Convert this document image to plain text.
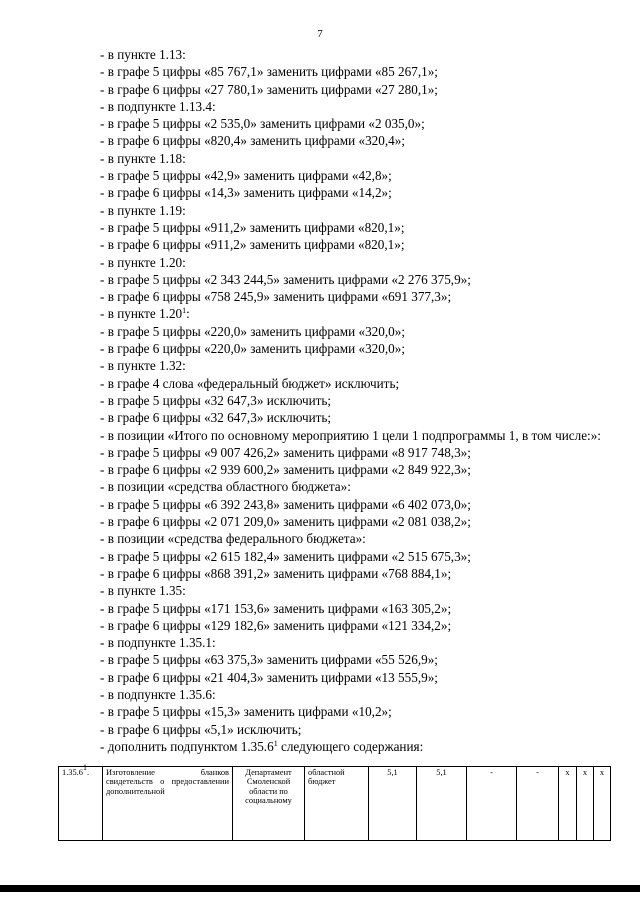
7
- в пункте 1.13:
- в графе 5 цифры «85 767,1» заменить цифрами «85 267,1»;
- в графе 6 цифры «27 780,1» заменить цифрами «27 280,1»;
- в подпункте 1.13.4:
- в графе 5 цифры «2 535,0» заменить цифрами «2 035,0»;
- в графе 6 цифры «820,4» заменить цифрами «320,4»;
- в пункте 1.18:
- в графе 5 цифры «42,9» заменить цифрами «42,8»;
- в графе 6 цифры «14,3» заменить цифрами «14,2»;
- в пункте 1.19:
- в графе 5 цифры «911,2» заменить цифрами «820,1»;
- в графе 6 цифры «911,2» заменить цифрами «820,1»;
- в пункте 1.20:
- в графе 5 цифры «2 343 244,5» заменить цифрами «2 276 375,9»;
- в графе 6 цифры «758 245,9» заменить цифрами «691 377,3»;
- в пункте 1.20$^1$:
- в графе 5 цифры «220,0» заменить цифрами «320,0»;
- в графе 6 цифры «220,0» заменить цифрами «320,0»;
- в пункте 1.32:
- в графе 4 слова «федеральный бюджет» исключить;
- в графе 5 цифры «32 647,3» исключить;
- в графе 6 цифры «32 647,3» исключить;
- в позиции «Итого по основному мероприятию 1 цели 1 подпрограммы 1, в том числе:»:
- в графе 5 цифры «9 007 426,2» заменить цифрами «8 917 748,3»;
- в графе 6 цифры «2 939 600,2» заменить цифрами «2 849 922,3»;
- в позиции «средства областного бюджета»:
- в графе 5 цифры «6 392 243,8» заменить цифрами «6 402 073,0»;
- в графе 6 цифры «2 071 209,0» заменить цифрами «2 081 038,2»;
- в позиции «средства федерального бюджета»:
- в графе 5 цифры «2 615 182,4» заменить цифрами «2 515 675,3»;
- в графе 6 цифры «868 391,2» заменить цифрами «768 884,1»;
- в пункте 1.35:
- в графе 5 цифры «171 153,6» заменить цифрами «163 305,2»;
- в графе 6 цифры «129 182,6» заменить цифрами «121 334,2»;
- в подпункте 1.35.1:
- в графе 5 цифры «63 375,3» заменить цифрами «55 526,9»;
- в графе 6 цифры «21 404,3» заменить цифрами «13 555,9»;
- в подпункте 1.35.6:
- в графе 5 цифры «15,3» заменить цифрами «10,2»;
- в графе 6 цифры «5,1» исключить;
- дополнить подпунктом 1.35.6$^1$ следующего содержания:
1.35.6$^1$.	Изготовление бланков свидетельств о предоставлении дополнительной	Департамент Смоленской области по социальному	областной бюджет	5,1	5,1	-	-	x	x	x
